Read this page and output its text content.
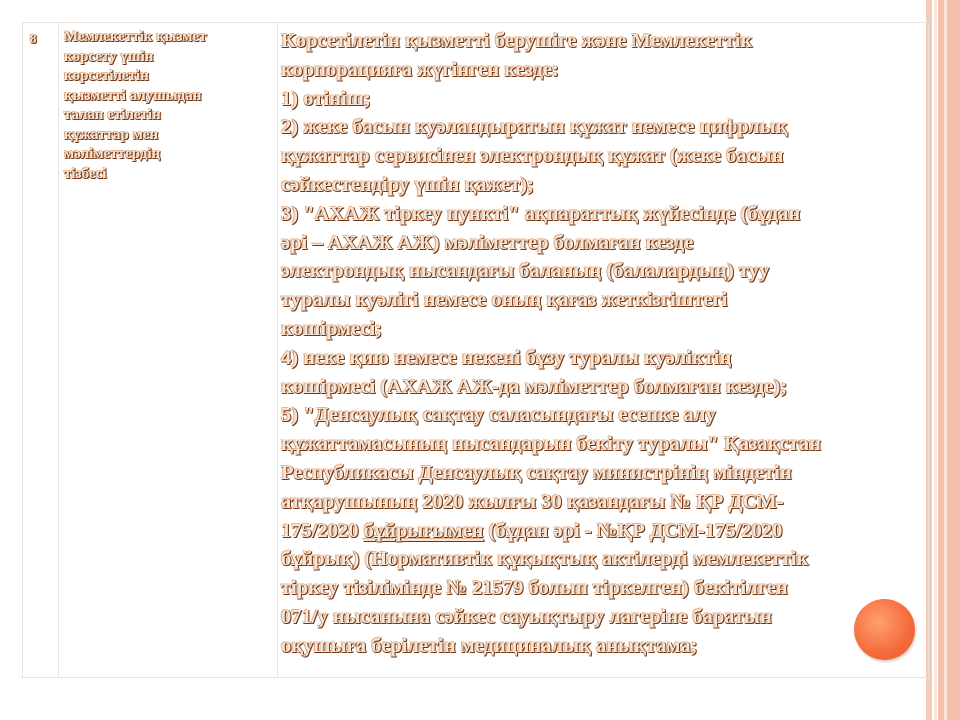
8	Мемлекеттік қызмет
көрсету үшін
көрсетілетін
қызметті алушыдан
талап етілетін
құжаттар мен
мәліметтердің
тізбесі

Көрсетілетін қызметті берушіге және Мемлекеттік
корпорацияға жүгінген кезде:
1) өтініш;
2) жеке басын куәландыратын құжат немесе цифрлық
құжаттар сервисінен электрондық құжат (жеке басын
сәйкестендіру үшін қажет);
3) "АХАЖ тіркеу пункті" ақпараттық жүйесінде (бұдан
әрі – АХАЖ АЖ) мәліметтер болмаған кезде
электрондық нысандағы баланың (балалардың) туу
туралы куәлігі немесе оның қағаз жеткізгіштегі
көшірмесі;
4) неке қию немесе некені бұзу туралы куәліктің
көшірмесі (АХАЖ АЖ-да мәліметтер болмаған кезде);
5) "Денсаулық сақтау саласындағы есепке алу
құжаттамасының нысандарын бекіту туралы" Қазақстан
Республикасы Денсаулық сақтау министрінің міндетін
атқарушының 2020 жылғы 30 қазандағы № ҚР ДСМ-
175/2020 бұйрығымен (бұдан әрі - №ҚР ДСМ-175/2020
бұйрық) (Нормативтік құқықтық актілерді мемлекеттік
тіркеу тізілімінде № 21579 болып тіркелген) бекітілген
071/у нысанына сәйкес сауықтыру лагеріне баратын
оқушыға берілетін медициналық анықтама;
